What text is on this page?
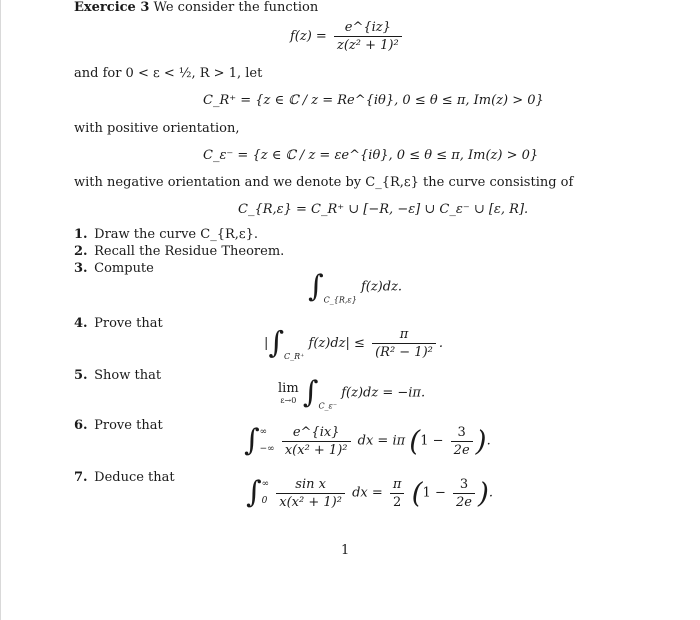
Exercice 3 We consider the function
$f(z) = \frac{e\^{}\{iz\}}{\text{z(z² + 1)²}}$
and for 0 < ε < ½, R > 1, let
C_R⁺ = {z ∈ ℂ / z = Re^{iθ}, 0 ≤ θ ≤ π, Im(z) > 0}
with positive orientation,
C_ε⁻ = {z ∈ ℂ / z = εe^{iθ}, 0 ≤ θ ≤ π, Im(z) > 0}
with negative orientation and we denote by C_{R,ε} the curve consisting of
C_{R,ε} = C_R⁺ ∪ [−R, −ε] ∪ C_ε⁻ ∪ [ε, R].
1. Draw the curve C_{R,ε}.
2. Recall the Residue Theorem.
3. Compute
$\int_{C\_\{R,\varepsilon\}}$ f(z)dz.
4. Prove that
$|\int_{C\_R^+}$ $f(z)dz| \le \frac{\pi}{\text{(R² − 1)²}}$ .
5. Show that
lim
ε→0 $\int_{C\_\varepsilon^-}$ f(z)dz = −iπ.
6. Prove that	∫ ∞
−∞
$\frac{e\^{}\{ix\}}{\text{x(x² + 1)²}}$ dx = iπ ($1 - \frac{3}{2e}$ ).
7. Deduce that ∫ ∞
0
$\frac{\text{sin x}}{\text{x(x² + 1)²}}$ dx = $\frac{\pi}{2} (1 - \frac{3}{2e}$ ).
1
